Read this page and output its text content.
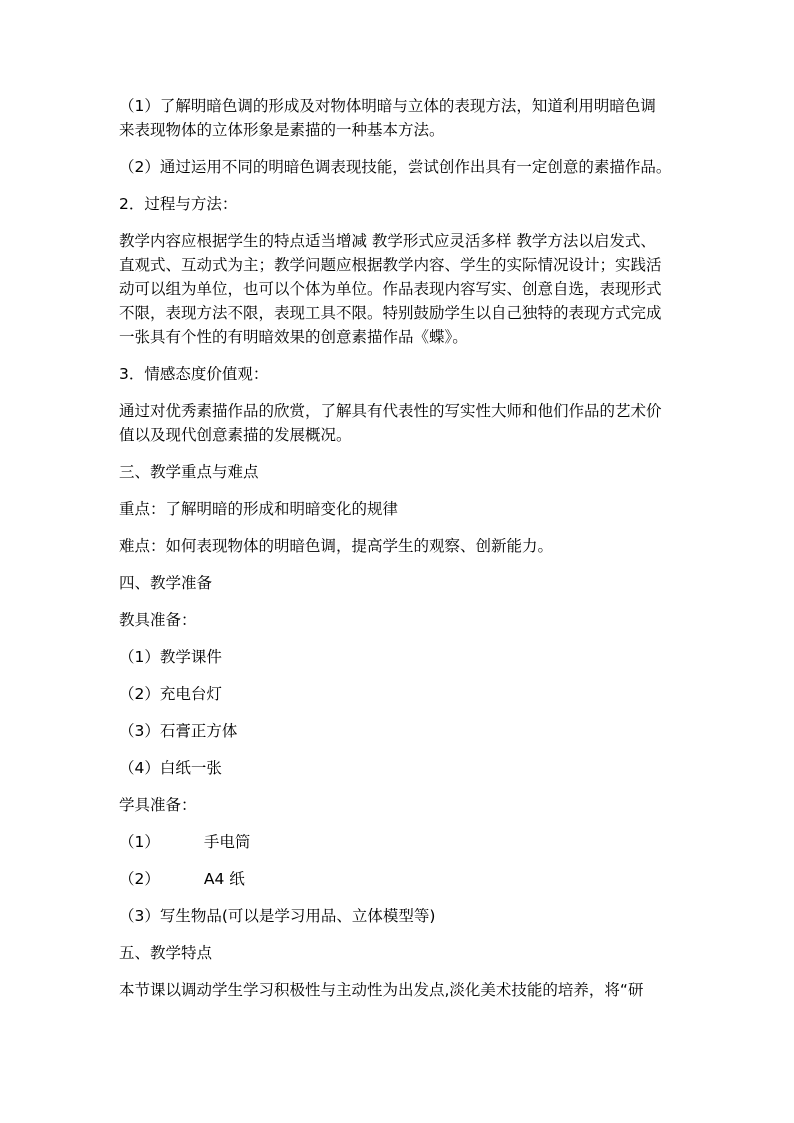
（1）了解明暗色调的形成及对物体明暗与立体的表现方法，知道利用明暗色调

来表现物体的立体形象是素描的一种基本方法。

（2）通过运用不同的明暗色调表现技能，尝试创作出具有一定创意的素描作品。

2．过程与方法：

教学内容应根据学生的特点适当增减 教学形式应灵活多样 教学方法以启发式、

直观式、互动式为主；教学问题应根据教学内容、学生的实际情况设计；实践活

动可以组为单位，也可以个体为单位。作品表现内容写实、创意自选，表现形式

不限，表现方法不限，表现工具不限。特别鼓励学生以自己独特的表现方式完成

一张具有个性的有明暗效果的创意素描作品《蝶》。

3．情感态度价值观：

通过对优秀素描作品的欣赏，了解具有代表性的写实性大师和他们作品的艺术价

值以及现代创意素描的发展概况。

三、教学重点与难点

重点：了解明暗的形成和明暗变化的规律

难点：如何表现物体的明暗色调，提高学生的观察、创新能力。

四、教学准备

教具准备：

（1）教学课件

（2）充电台灯

（3）石膏正方体

（4）白纸一张

学具准备：

（1）	手电筒

（2）	A4 纸

（3）写生物品(可以是学习用品、立体模型等)

五、教学特点

本节课以调动学生学习积极性与主动性为出发点,淡化美术技能的培养，将“研
